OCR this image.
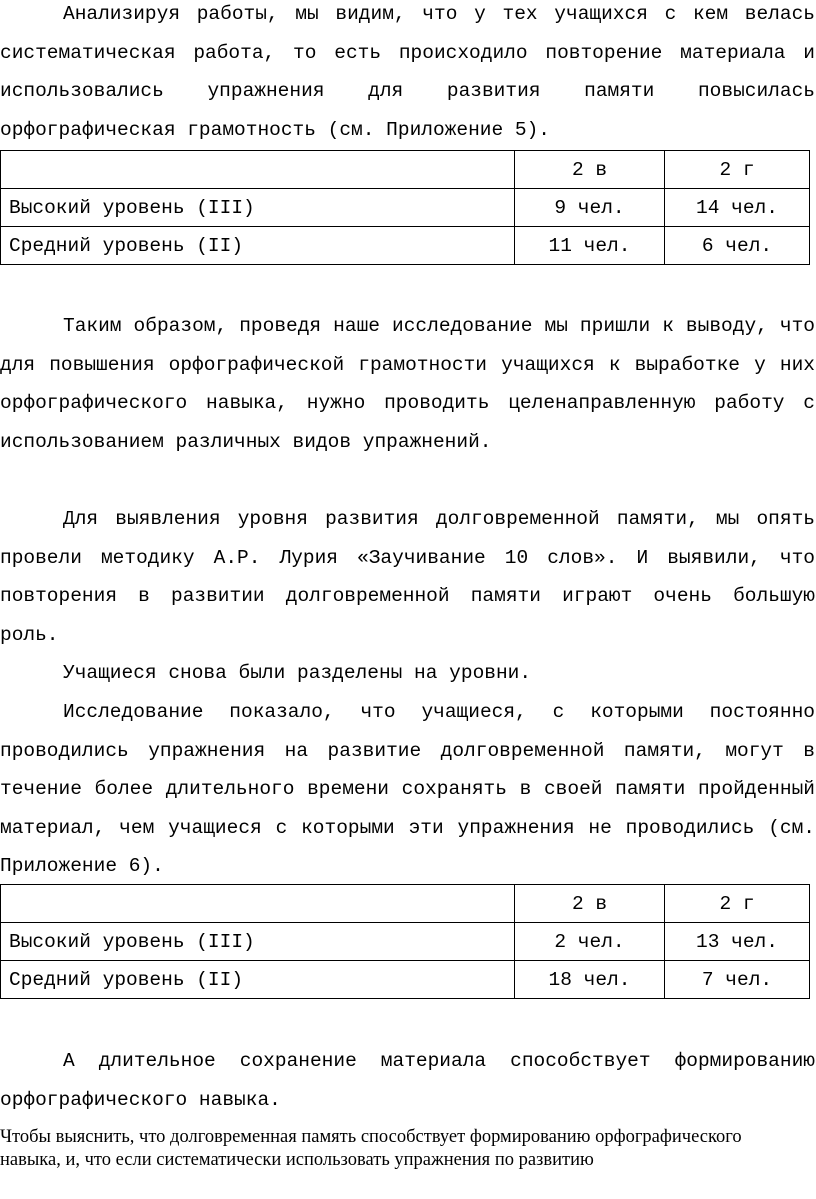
Анализируя работы, мы видим, что у тех учащихся с кем велась систематическая работа, то есть происходило повторение материала и использовались упражнения для развития памяти повысилась орфографическая грамотность (см. Приложение 5).

	2 в	2 г
Высокий уровень (III)	9 чел.	14 чел.
Средний уровень (II)	11 чел.	6 чел.

Таким образом, проведя наше исследование мы пришли к выводу, что для повышения орфографической грамотности учащихся к выработке у них орфографического навыка, нужно проводить целенаправленную работу с использованием различных видов упражнений.

Для выявления уровня развития долговременной памяти, мы опять провели методику А.Р. Лурия «Заучивание 10 слов». И выявили, что повторения в развитии долговременной памяти играют очень большую роль.

Учащиеся снова были разделены на уровни.

Исследование показало, что учащиеся, с которыми постоянно проводились упражнения на развитие долговременной памяти, могут в течение более длительного времени сохранять в своей памяти пройденный материал, чем учащиеся с которыми эти упражнения не проводились (см. Приложение 6).

	2 в	2 г
Высокий уровень (III)	2 чел.	13 чел.
Средний уровень (II)	18 чел.	7 чел.

А длительное сохранение материала способствует формированию орфографического навыка.

Чтобы выяснить, что долговременная память способствует формированию орфографического навыка, и, что если систематически использовать упражнения по развитию
